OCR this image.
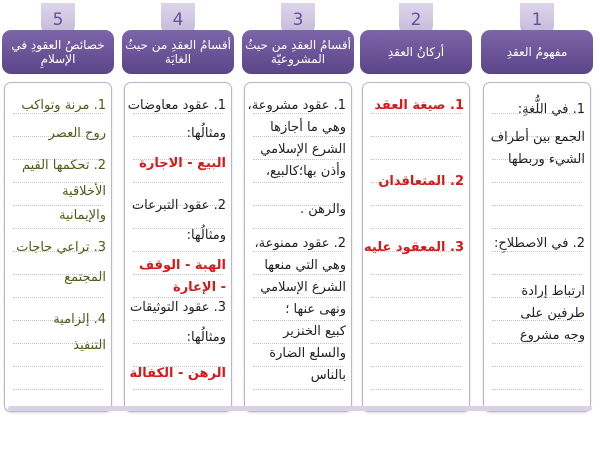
1
مفهومُ العقدِ
1. في اللُّغةِ:
الجمع بين أطراف
الشيء وربطها
2. في الاصطلاحِ:
ارتباط إرادة
طرفين على
وجه مشروع
2
أركانُ العقدِ
1. صيغة العقد
2. المتعاقدان
3. المعقود عليه
3
أقسامُ العقدِ من حيثُ المشروعيّة
1. عقود مشروعة،
وهي ما أجازها
الشرع الإسلامي
وأذن بها؛كالبيع،
والرهن .
2. عقود ممنوعة،
وهي التي منعها
الشرع الإسلامي
ونهى عنها ؛
كبيع الخنزير
والسلع الضارة
بالناس
4
أقسامُ العقدِ من حيثُ الغايَة
1. عقود معاوضات
ومثالُها:
البيع - الاجارة
2. عقود التبرعات
ومثالُها:
الهبة - الوقف
- الإعارة
3. عقود التوثيقات
ومثالُها:
الرهن - الكفالة
5
خصائصُ العقودِ في الإسلامِ
1. مرنة وتواكب
روح العصر
2. تحكمها القيم
الأخلاقية
والإيمانية
3. تراعي حاجات
المجتمع
4. إلزامية
التنفيذ
